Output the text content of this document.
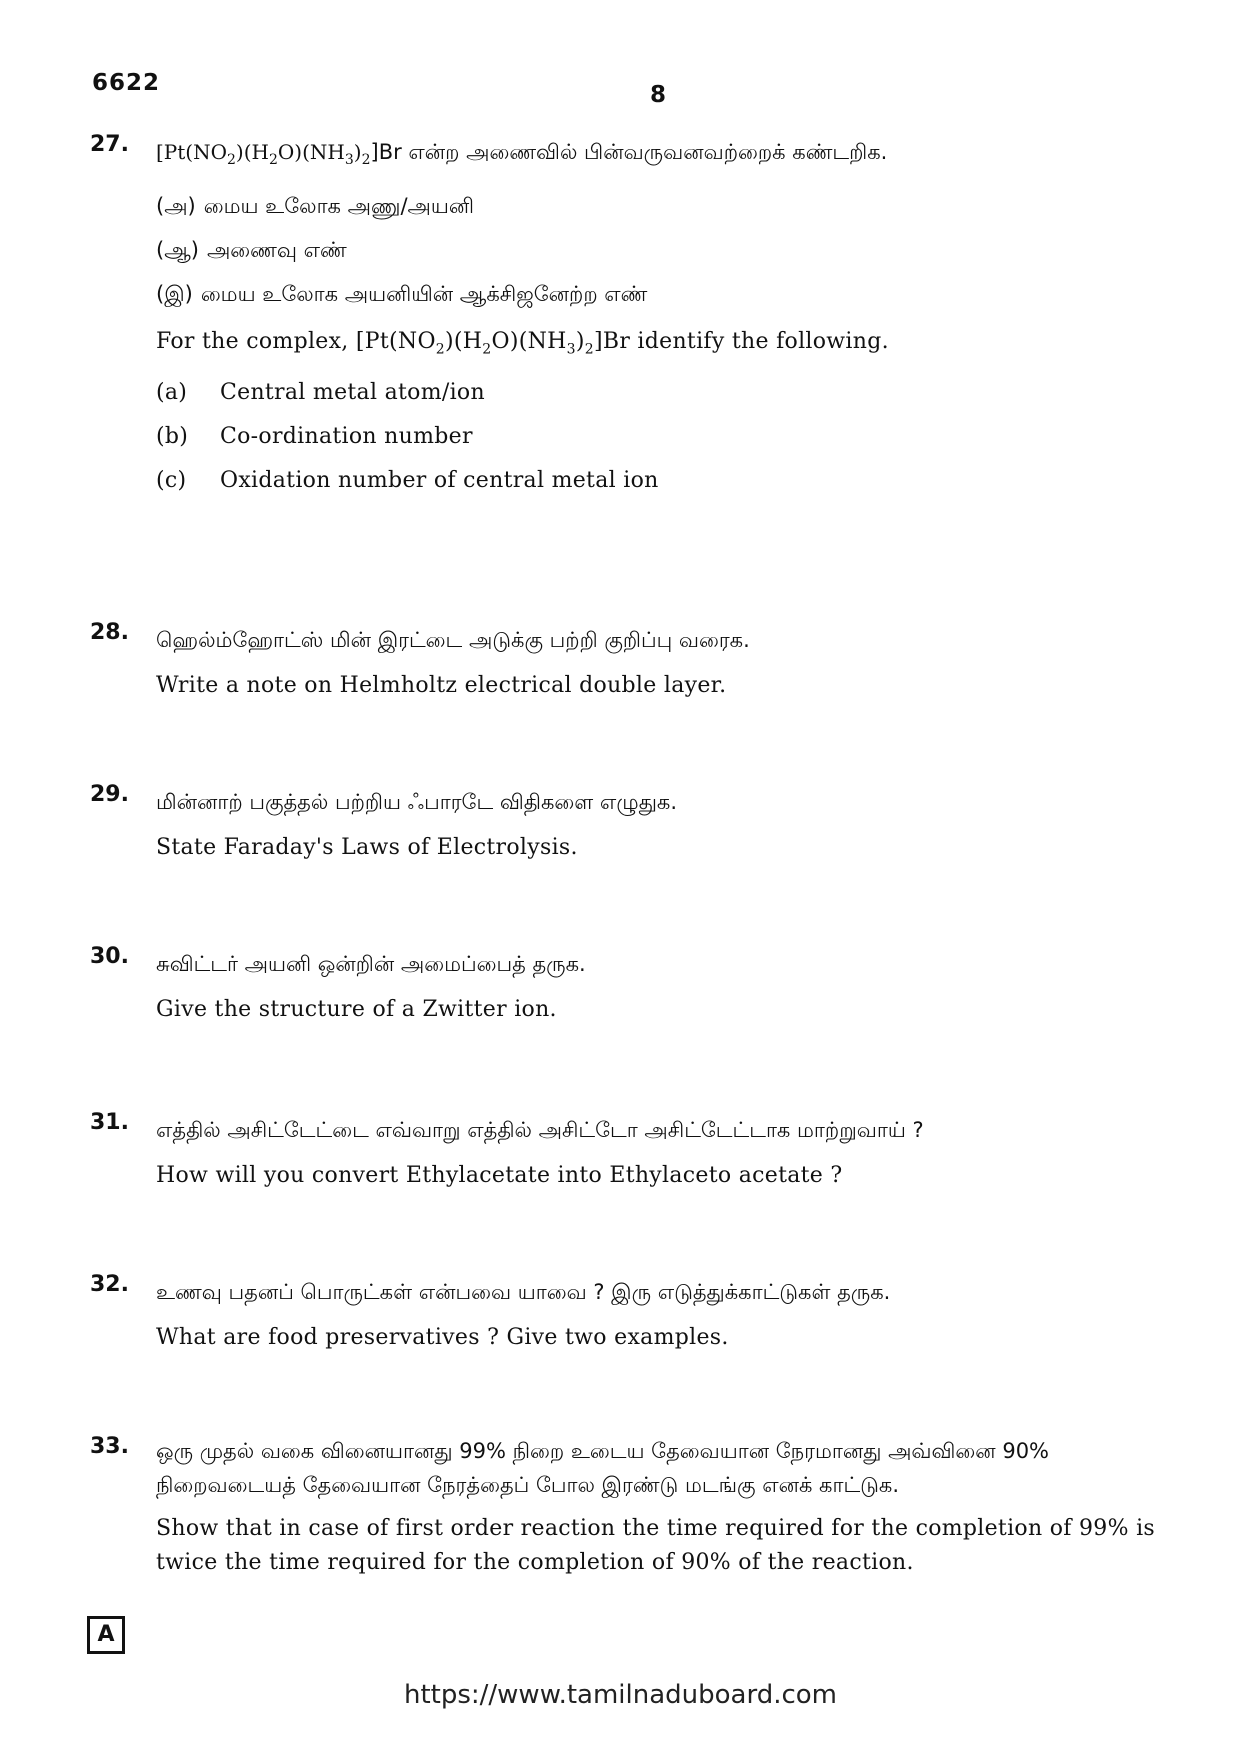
6622	8
27.	$[Pt(NO_2)(H_2O)(NH_3)_2]Br$ என்ற அணைவில் பின்வருவனவற்றைக் கண்டறிக.

(அ) மைய உலோக அணு/அயனி
(ஆ) அணைவு எண்
(இ) மைய உலோக அயனியின் ஆக்சிஜனேற்ற எண்

For the complex, $[Pt(NO_2)(H_2O)(NH_3)_2]Br$ identify the following.

(a)	Central metal atom/ion
(b)	Co-ordination number
(c)	Oxidation number of central metal ion
28.	ஹெல்ம்ஹோட்ஸ் மின் இரட்டை அடுக்கு பற்றி குறிப்பு வரைக.

Write a note on Helmholtz electrical double layer.

29.	மின்னாற் பகுத்தல் பற்றிய ஃபாரடே விதிகளை எழுதுக.

State Faraday's Laws of Electrolysis.

30.	சுவிட்டர் அயனி ஒன்றின் அமைப்பைத் தருக.

Give the structure of a Zwitter ion.

31.	எத்தில் அசிட்டேட்டை எவ்வாறு எத்தில் அசிட்டோ அசிட்டேட்டாக மாற்றுவாய் ?

How will you convert Ethylacetate into Ethylaceto acetate ?

32.	உணவு பதனப் பொருட்கள் என்பவை யாவை ? இரு எடுத்துக்காட்டுகள் தருக.

What are food preservatives ? Give two examples.

33.	ஒரு முதல் வகை வினையானது 99% நிறை உடைய தேவையான நேரமானது அவ்வினை 90% நிறைவடையத் தேவையான நேரத்தைப் போல இரண்டு மடங்கு எனக் காட்டுக.

Show that in case of first order reaction the time required for the completion of 99% is twice the time required for the completion of 90% of the reaction.

A
https://www.tamilnaduboard.com
